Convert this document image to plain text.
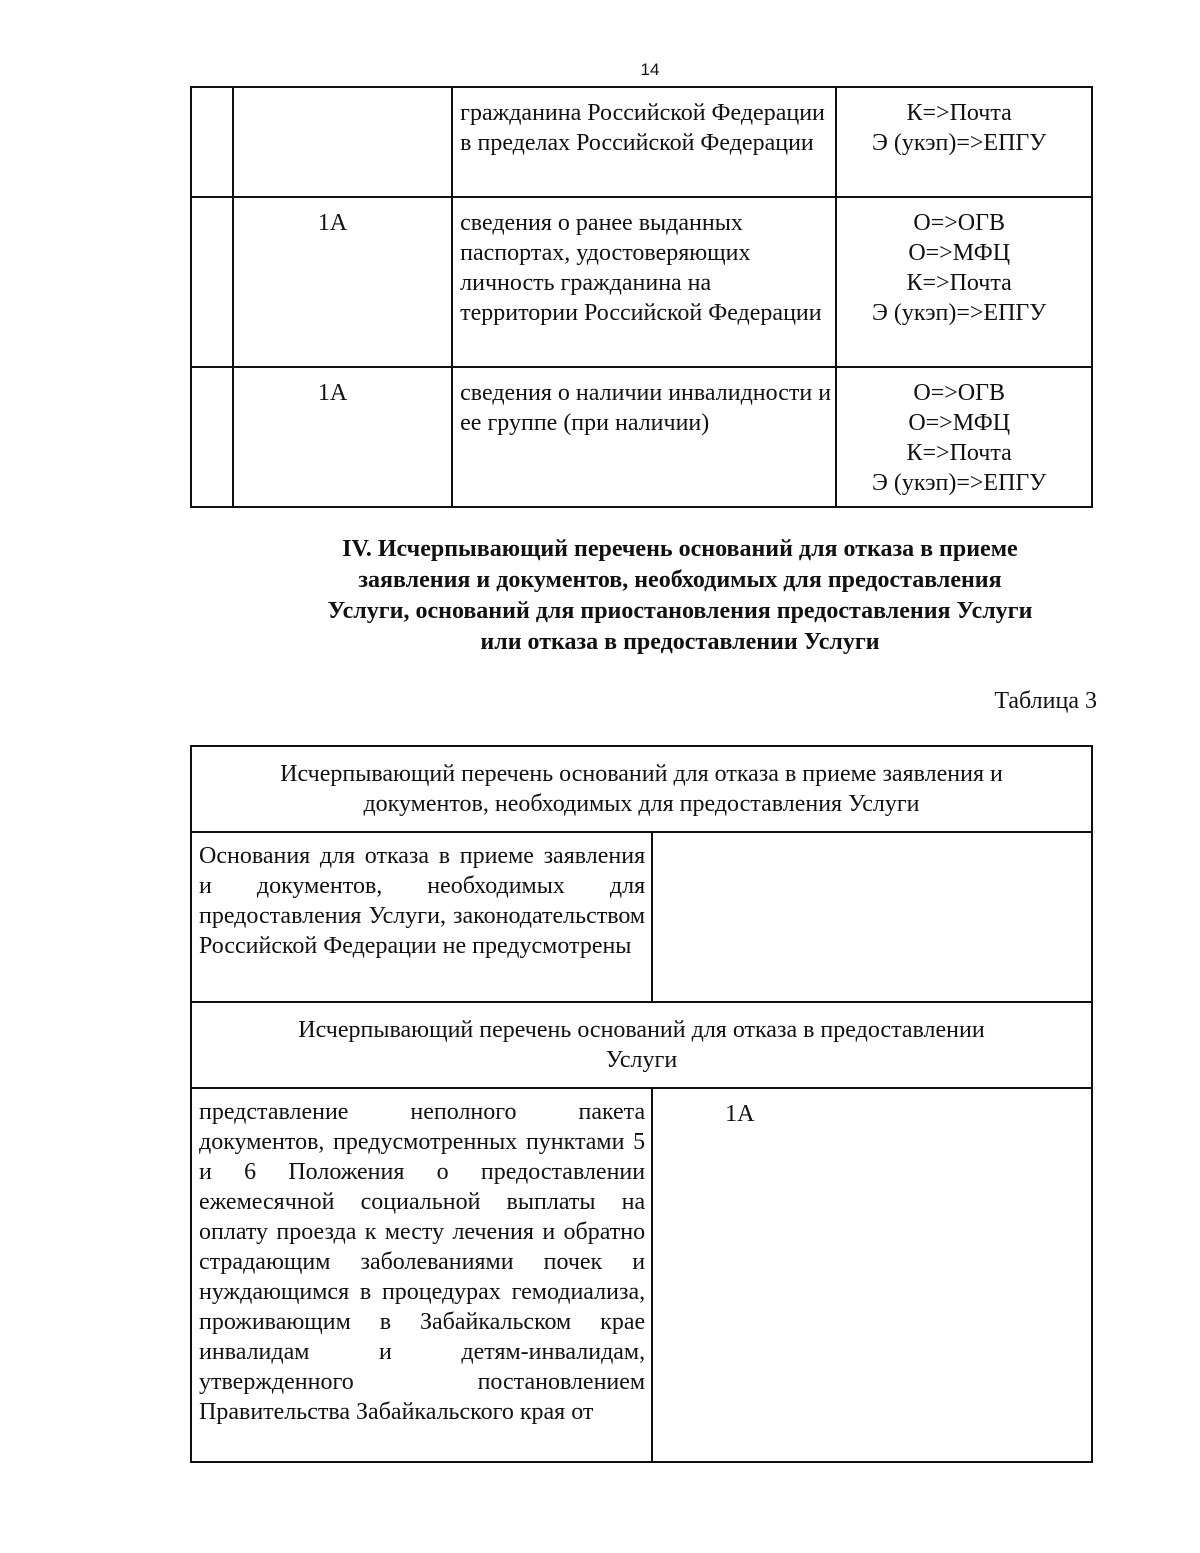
14
		гражданина Российской Федерации в пределах Российской Федерации	К=>Почта
Э (укэп)=>ЕПГУ

	1А	сведения о ранее выданных паспортах, удостоверяющих личность гражданина на территории Российской Федерации	О=>ОГВ
О=>МФЦ
К=>Почта
Э (укэп)=>ЕПГУ

	1А	сведения о наличии инвалидности и ее группе (при наличии)	О=>ОГВ
О=>МФЦ
К=>Почта
Э (укэп)=>ЕПГУ
IV. Исчерпывающий перечень оснований для отказа в приеме
заявления и документов, необходимых для предоставления
Услуги, оснований для приостановления предоставления Услуги
или отказа в предоставлении Услуги
Таблица 3
Исчерпывающий перечень оснований для отказа в приеме заявления и
документов, необходимых для предоставления Услуги	

Основания для отказа в приеме заявления и документов, необходимых для предоставления Услуги, законодательством Российской Федерации не предусмотрены	

Исчерпывающий перечень оснований для отказа в предоставлении
Услуги	

представление неполного пакета документов, предусмотренных пунктами 5 и 6 Положения о предоставлении ежемесячной социальной выплаты на оплату проезда к месту лечения и обратно страдающим заболеваниями почек и нуждающимся в процедурах гемодиализа, проживающим в Забайкальском крае инвалидам и детям-инвалидам, утвержденного постановлением Правительства Забайкальского края от	1А
